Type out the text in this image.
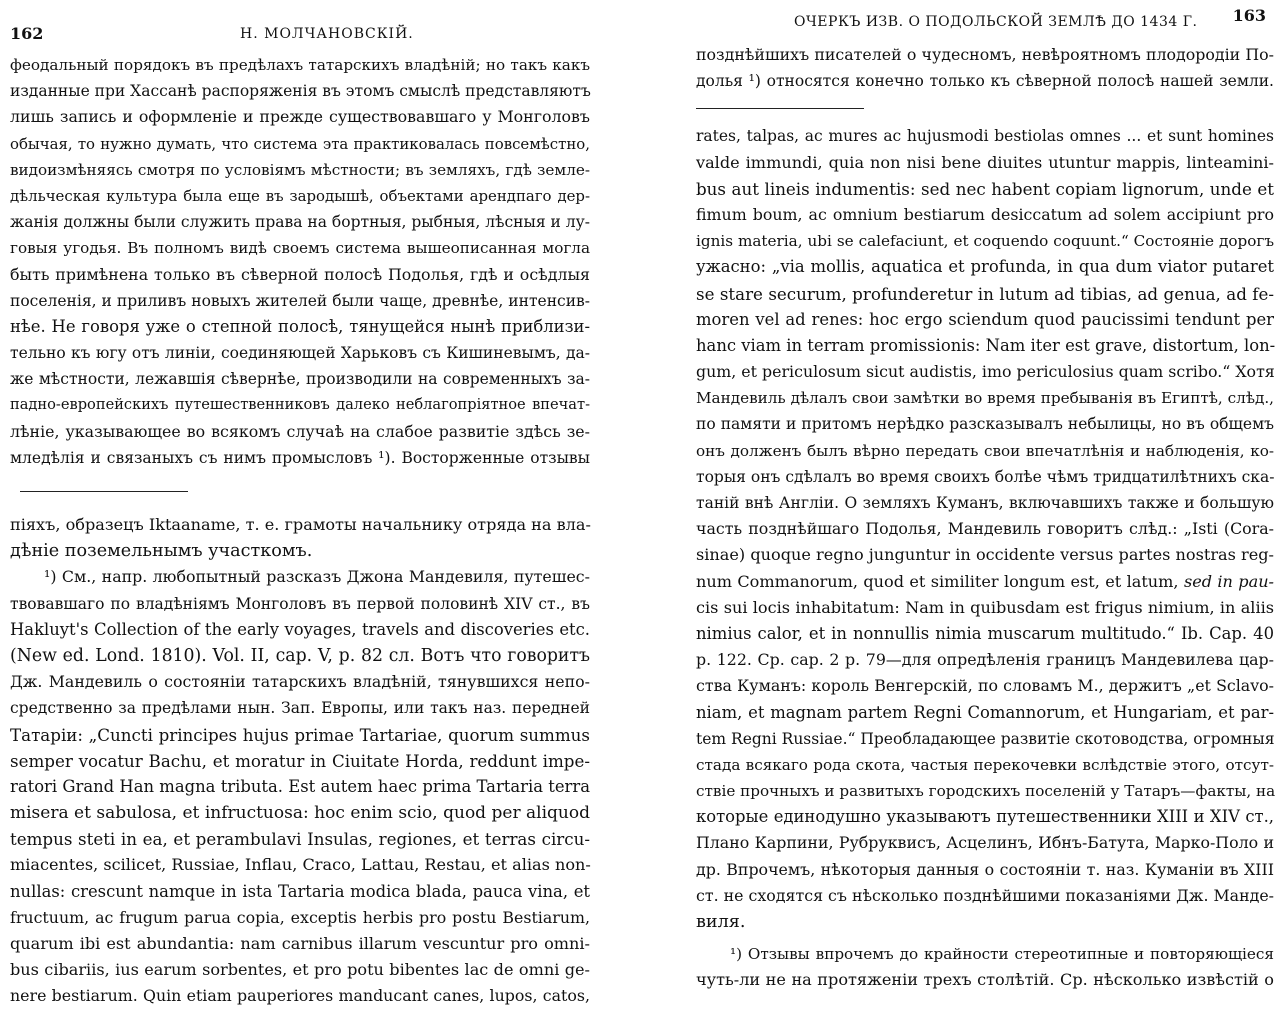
162	Н. МОЛЧАНОВСКІЙ.
феодальный порядокъ въ предѣлахъ татарскихъ владѣній; но такъ какъ
изданные при Хассанѣ распоряженія въ этомъ смыслѣ представляютъ
лишь запись и оформленіе и прежде существовавшаго у Монголовъ
обычая, то нужно думать, что система эта практиковалась повсемѣстно,
видоизмѣняясь смотря по условіямъ мѣстности; въ земляхъ, гдѣ земле-
дѣльческая культура была еще въ зародышѣ, объектами арендпаго дер-
жанія должны были служить права на бортныя, рыбныя, лѣсныя и лу-
говыя угодья. Въ полномъ видѣ своемъ система вышеописанная могла
быть примѣнена только въ сѣверной полосѣ Подолья, гдѣ и осѣдлыя
поселенія, и приливъ новыхъ жителей были чаще, древнѣе, интенсив-
нѣе. Не говоря уже о степной полосѣ, тянущейся нынѣ приблизи-
тельно къ югу отъ линіи, соединяющей Харьковъ съ Кишиневымъ, да-
же мѣстности, лежавшія сѣвернѣе, производили на современныхъ за-
падно-европейскихъ путешественниковъ далеко неблагопріятное впечат-
лѣніе, указывающее во всякомъ случаѣ на слабое развитіе здѣсь зе-
мледѣлія и связаныхъ съ нимъ промысловъ ¹). Восторженные отзывы
піяхъ, образецъ Iktaaname, т. е. грамоты начальнику отряда на вла-
дѣніе поземельнымъ участкомъ.
¹) См., напр. любопытный разсказъ Джона Мандевиля, путешес-
твовавшаго по владѣніямъ Монголовъ въ первой половинѣ XIV ст., въ
Hakluyt's Collection of the early voyages, travels and discoveries etc.
(New ed. Lond. 1810). Vol. II, cap. V, p. 82 сл. Вотъ что говоритъ
Дж. Мандевиль о состояніи татарскихъ владѣній, тянувшихся непо-
средственно за предѣлами нын. Зап. Европы, или такъ наз. передней
Татаріи: „Cuncti principes hujus primae Tartariae, quorum summus
semper vocatur Bachu, et moratur in Ciuitate Horda, reddunt impe-
ratori Grand Han magna tributa. Est autem haec prima Tartaria terra
misera et sabulosa, et infructuosa: hoc enim scio, quod per aliquod
tempus steti in ea, et perambulavi Insulas, regiones, et terras circu-
miacentes, scilicet, Russiae, Inflau, Craco, Lattau, Restau, et alias non-
nullas: crescunt namque in ista Tartaria modica blada, pauca vina, et
fructuum, ac frugum parua copia, exceptis herbis pro postu Bestiarum,
quarum ibi est abundantia: nam carnibus illarum vescuntur pro omni-
bus cibariis, ius earum sorbentes, et pro potu bibentes lac de omni ge-
nere bestiarum. Quin etiam pauperiores manducant canes, lupos, catos,
ОЧЕРКЪ ИЗВ. О ПОДОЛЬСКОЙ ЗЕМЛѢ ДО 1434 Г. 163
позднѣйшихъ писателей о чудесномъ, невѣроятномъ плодородіи По-
долья ¹) относятся конечно только къ сѣверной полосѣ нашей земли.
rates, talpas, ac mures ac hujusmodi bestiolas omnes ... et sunt homines
valde immundi, quia non nisi bene diuites utuntur mappis, linteamini-
bus aut lineis indumentis: sed nec habent copiam lignorum, unde et
fimum boum, ac omnium bestiarum desiccatum ad solem accipiunt pro
ignis materia, ubi se calefaciunt, et coquendo coquunt.“ Состояніе дорогъ
ужасно: „via mollis, aquatica et profunda, in qua dum viator putaret
se stare securum, profunderetur in lutum ad tibias, ad genua, ad fe-
moren vel ad renes: hoc ergo sciendum quod paucissimi tendunt per
hanc viam in terram promissionis: Nam iter est grave, distortum, lon-
gum, et periculosum sicut audistis, imo periculosius quam scribo.“ Хотя
Мандевиль дѣлалъ свои замѣтки во время пребыванія въ Египтѣ, слѣд.,
по памяти и притомъ нерѣдко разсказывалъ небылицы, но въ общемъ
онъ долженъ былъ вѣрно передать свои впечатлѣнія и наблюденія, ко-
торыя онъ сдѣлалъ во время своихъ болѣе чѣмъ тридцатилѣтнихъ ска-
таній внѣ Англіи. О земляхъ Куманъ, включавшихъ также и большую
часть позднѣйшаго Подолья, Мандевиль говоритъ слѣд.: „Isti (Cora-
sinae) quoque regno junguntur in occidente versus partes nostras reg-
num Commanorum, quod et similiter longum est, et latum, sed in pau-
cis sui locis inhabitatum: Nam in quibusdam est frigus nimium, in aliis
nimius calor, et in nonnullis nimia muscarum multitudo.“ Ib. Cap. 40
p. 122. Ср. cap. 2 p. 79—для опредѣленія границъ Мандевилева цар-
ства Куманъ: король Венгерскій, по словамъ М., держитъ „et Sclavo-
niam, et magnam partem Regni Comannorum, et Hungariam, et par-
tem Regni Russiae.“ Преобладающее развитіе скотоводства, огромныя
стада всякаго рода скота, частыя перекочевки вслѣдствіе этого, отсут-
ствіе прочныхъ и развитыхъ городскихъ поселеній у Татаръ—факты, на
которые единодушно указываютъ путешественники XIII и XIV ст.,
Плано Карпини, Рубруквисъ, Асцелинъ, Ибнъ-Батута, Марко-Поло и
др. Впрочемъ, нѣкоторыя данныя о состояніи т. наз. Куманіи въ XIII
ст. не сходятся съ нѣсколько позднѣйшими показаніями Дж. Манде-
виля.
¹) Отзывы впрочемъ до крайности стереотипные и повторяющіеся
чуть-ли не на протяженіи трехъ столѣтій. Ср. нѣсколько извѣстій о
